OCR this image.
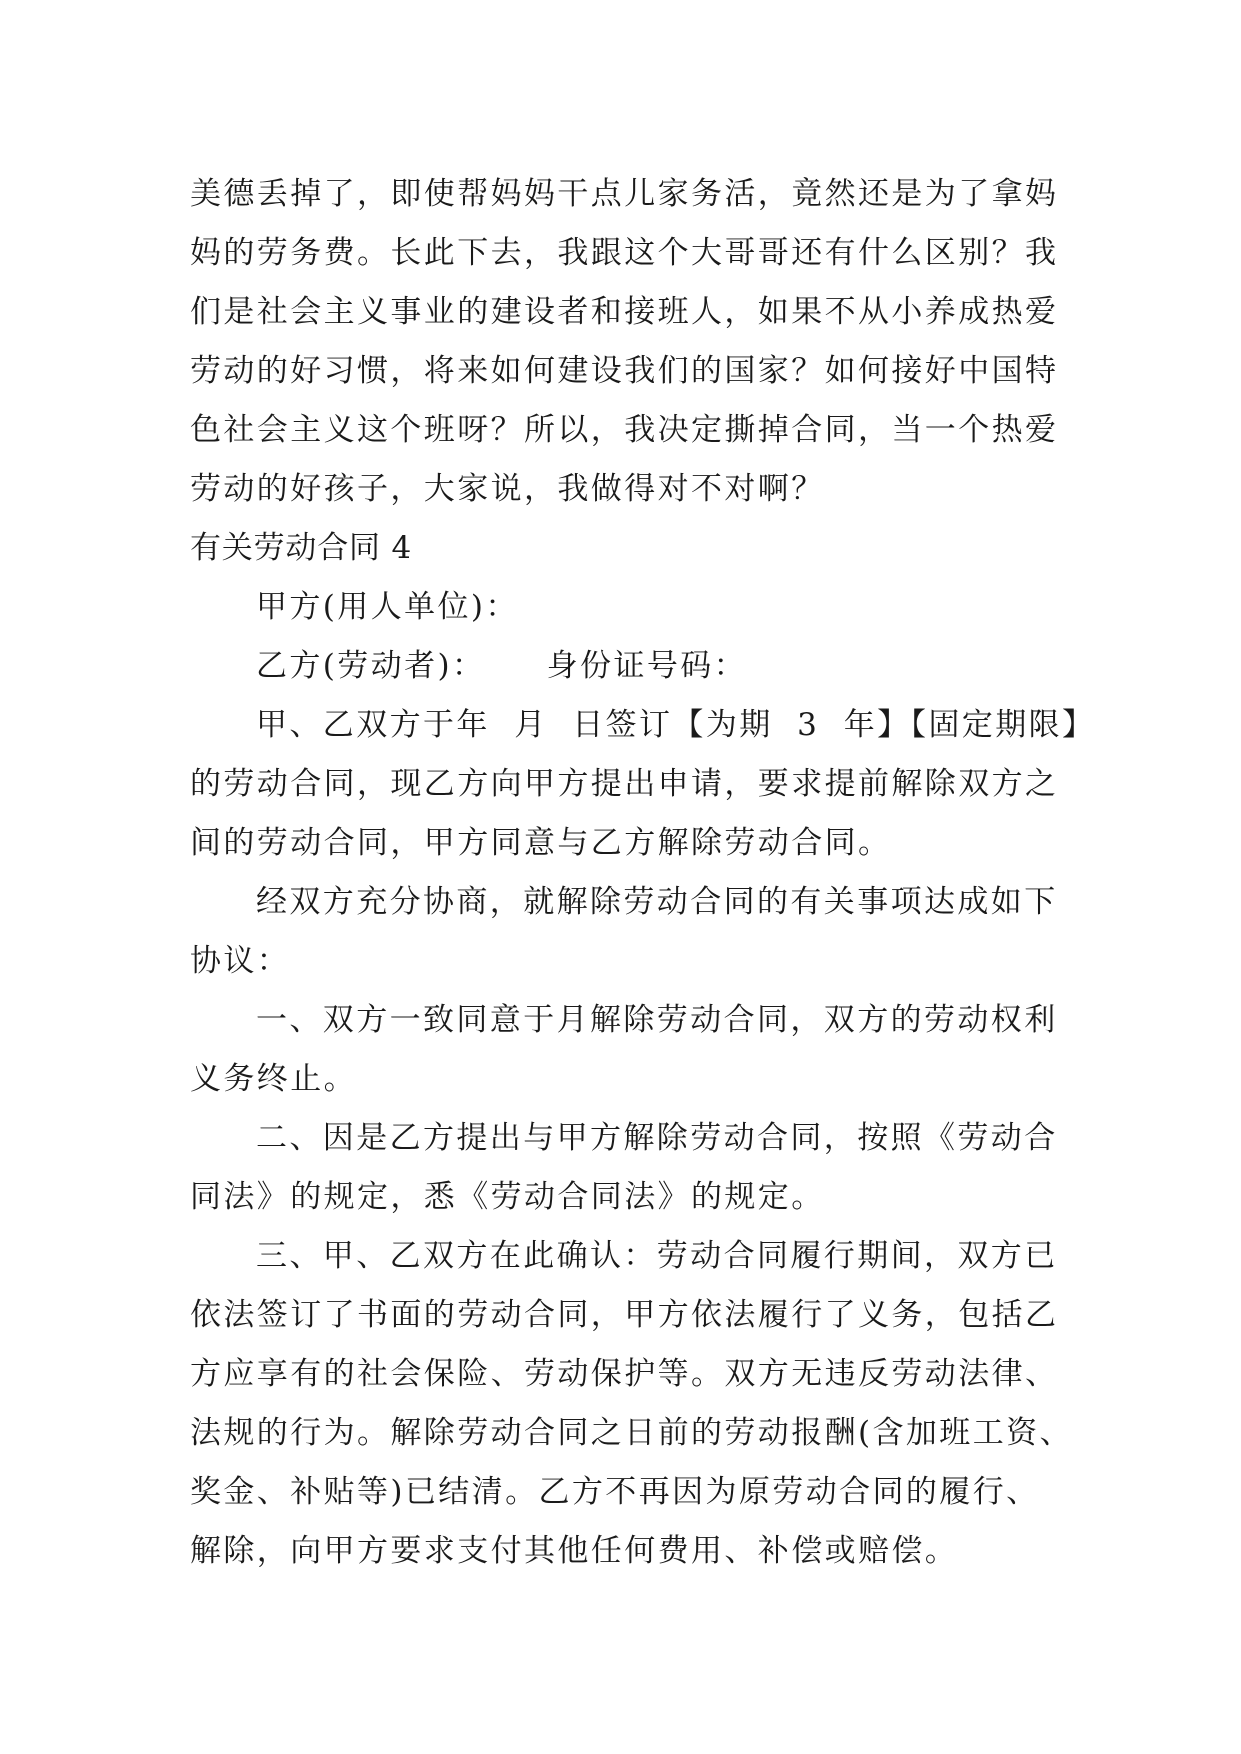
美德丢掉了，即使帮妈妈干点儿家务活，竟然还是为了拿妈
妈的劳务费。长此下去，我跟这个大哥哥还有什么区别？我
们是社会主义事业的建设者和接班人，如果不从小养成热爱
劳动的好习惯，将来如何建设我们的国家？如何接好中国特
色社会主义这个班呀？所以，我决定撕掉合同，当一个热爱
劳动的好孩子，大家说，我做得对不对啊？
有关劳动合同 4
甲方(用人单位)：
乙方(劳动者)：     身份证号码：
甲、乙双方于年  月  日签订【为期  3  年】【固定期限】
的劳动合同，现乙方向甲方提出申请，要求提前解除双方之
间的劳动合同，甲方同意与乙方解除劳动合同。
经双方充分协商，就解除劳动合同的有关事项达成如下
协议：
一、双方一致同意于月解除劳动合同，双方的劳动权利
义务终止。
二、因是乙方提出与甲方解除劳动合同，按照《劳动合
同法》的规定，悉《劳动合同法》的规定。
三、甲、乙双方在此确认：劳动合同履行期间，双方已
依法签订了书面的劳动合同，甲方依法履行了义务，包括乙
方应享有的社会保险、劳动保护等。双方无违反劳动法律、
法规的行为。解除劳动合同之日前的劳动报酬(含加班工资、
奖金、补贴等)已结清。乙方不再因为原劳动合同的履行、
解除，向甲方要求支付其他任何费用、补偿或赔偿。
